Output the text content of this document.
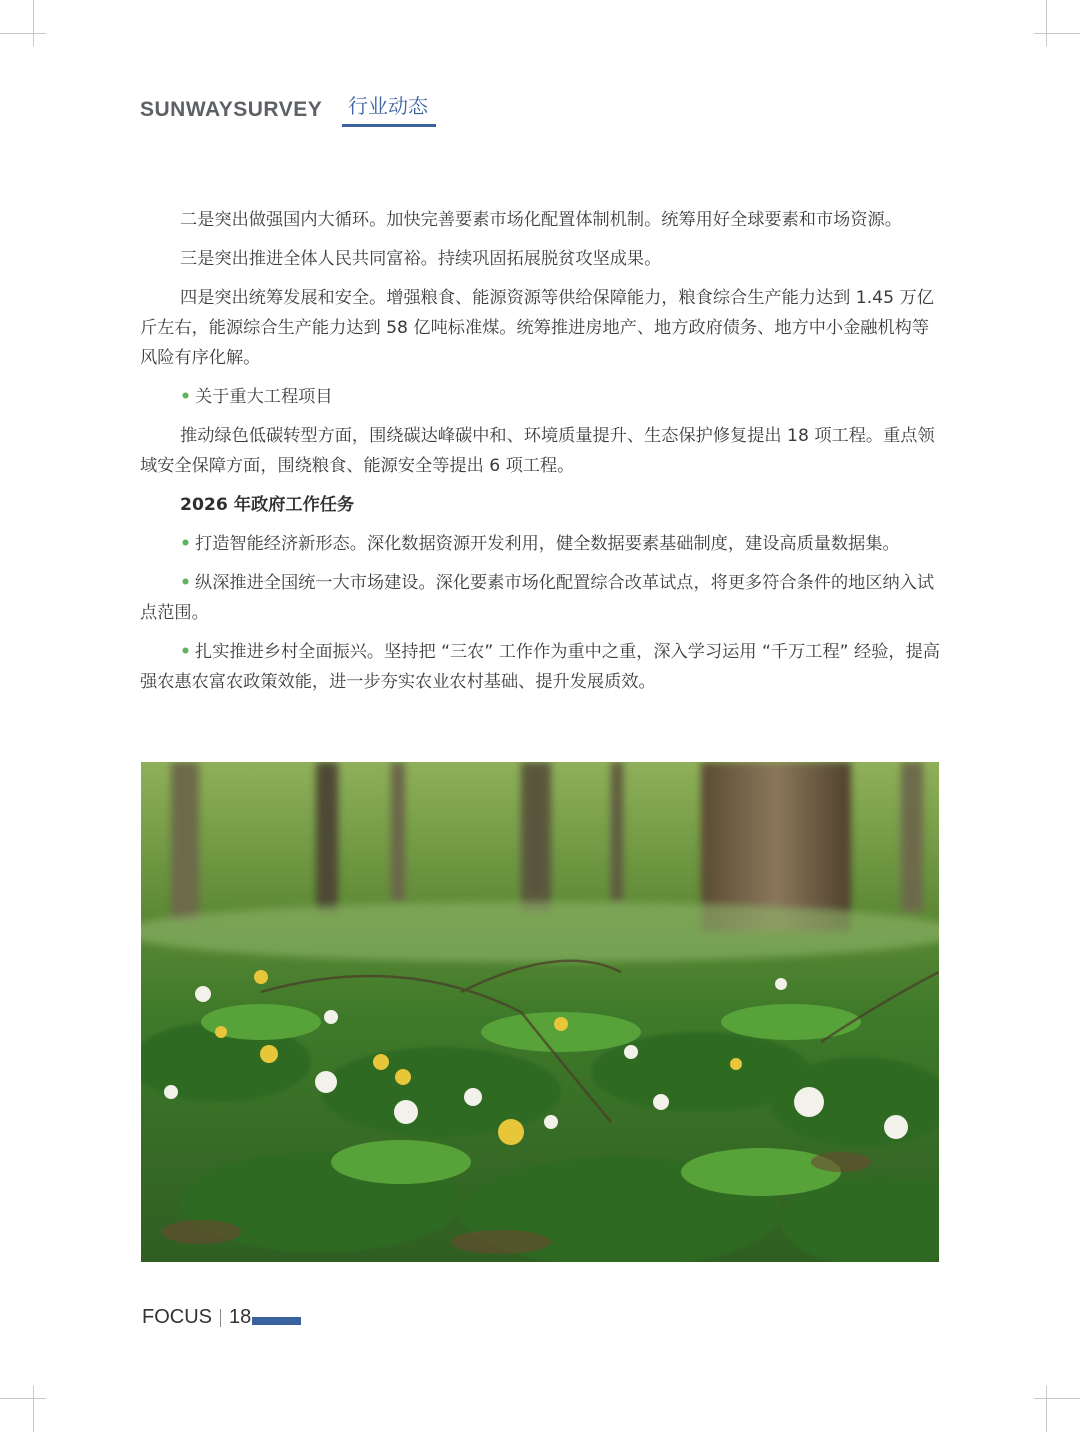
SUNWAYSURVEY 行业动态

二是突出做强国内大循环。加快完善要素市场化配置体制机制。统筹用好全球要素和市场资源。

三是突出推进全体人民共同富裕。持续巩固拓展脱贫攻坚成果。

四是突出统筹发展和安全。增强粮食、能源资源等供给保障能力，粮食综合生产能力达到 1.45 万亿斤左右，能源综合生产能力达到 58 亿吨标准煤。统筹推进房地产、地方政府债务、地方中小金融机构等风险有序化解。

• 关于重大工程项目

推动绿色低碳转型方面，围绕碳达峰碳中和、环境质量提升、生态保护修复提出 18 项工程。重点领域安全保障方面，围绕粮食、能源安全等提出 6 项工程。

2026 年政府工作任务

• 打造智能经济新形态。深化数据资源开发利用，健全数据要素基础制度，建设高质量数据集。

• 纵深推进全国统一大市场建设。深化要素市场化配置综合改革试点，将更多符合条件的地区纳入试点范围。

• 扎实推进乡村全面振兴。坚持把 “三农” 工作作为重中之重，深入学习运用 “千万工程” 经验，提高强农惠农富农政策效能，进一步夯实农业农村基础、提升发展质效。

FOCUS 18
